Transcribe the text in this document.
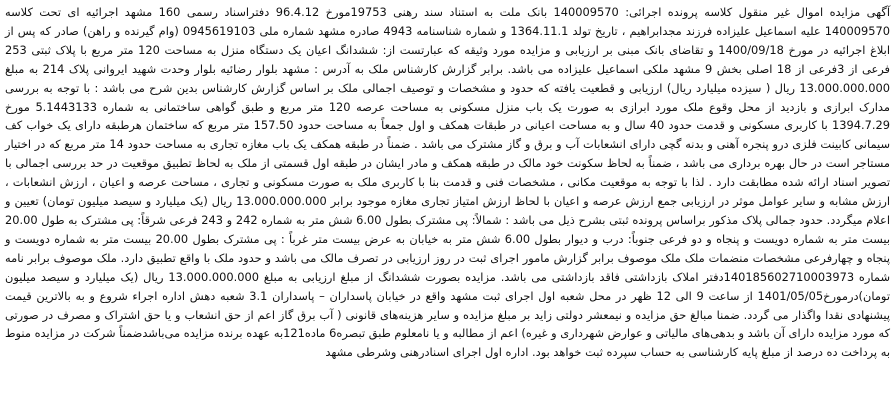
آگهی مزایده اموال غیر منقول کلاسه پرونده اجرائی: 140009570 بانک ملت به استناد سند رهنی 19753مورخ 96.4.12 دفتراسناد رسمی 160 مشهد اجرائیه ای تحت کلاسه 140009570 علیه اسماعیل علیزاده فرزند مجدابراهیم ، تاریخ تولد 1364.11.1 و شماره شناسنامه 4943 صادره مشهد شماره ملی 0945619103 (وام گیرنده و راهن) صادر که پس از ابلاغ اجرائیه در مورخ 1400/09/18 و تقاضای بانک مبنی بر ارزیابی و مزایده مورد وثیقه که عبارتست از: ششدانگ اعیان یک دستگاه منزل به مساحت 120 متر مربع با پلاک ثبتی 253 فرعی از 3فرعی از 18 اصلی بخش 9 مشهد ملکی اسماعیل علیزاده می باشد. برابر گزارش کارشناس ملک به آدرس : مشهد بلوار رضائیه بلوار وحدت شهید ایروانی پلاک 214 به مبلغ 13.000.000.000 ریال ( سیزده میلیارد ریال) ارزیابی و قطعیت یافته که حدود و مشخصات و توصیف اجمالی ملک بر اساس گزارش کارشناس بدین شرح می باشد : با توجه به بررسی مدارک ابرازی و بازدید از محل وقوع ملک مورد ابرازی به صورت یک باب منزل مسکونی به مساحت عرصه 120 متر مربع و طبق گواهی ساختمانی به شماره 5.1443133 مورخ 1394.7.29 با کاربری مسکونی و قدمت حدود 40 سال و به مساحت اعیانی در طبقات همکف و اول جمعاً به مساحت حدود 157.50 متر مربع که ساختمان هرطبقه دارای یک خواب کف سیمانی کابینت فلزی درو پنجره آهنی و بدنه گچی دارای انشعابات آب و برق و گاز مشترک می باشد . ضمناً در طبقه همکف یک باب مغازه تجاری به مساحت حدود 14 متر مربع که در اختیار مستاجر است در حال بهره برداری می باشد ، ضمناً به لحاظ سکونت خود مالک در طبقه همکف و مادر ایشان در طبقه اول قسمتی از ملک به لحاظ تطبیق موقعیت در حد بررسی اجمالی با تصویر اسناد ارائه شده مطابقت دارد . لذا با توجه به موقعیت مکانی ، مشخصات فنی و قدمت بنا با کاربری ملک به صورت مسکونی و تجاری ، مساحت عرصه و اعیان ، ارزش انشعابات ، ارزش مشابه و سایر عوامل موثر در ارزیابی جمع ارزش عرصه و اعیان با لحاظ ارزش امتیاز تجاری مغازه موجود برابر 13.000.000.000 ریال (یک میلیارد و سیصد میلیون تومان) تعیین و اعلام میگردد. حدود جمالی پلاک مذکور براساس پرونده ثبتی بشرح ذیل می باشد : شمالاً: پی مشترک بطول 6.00 شش متر به شماره 242 و 243 فرعی شرقاً: پی مشترک به طول 20.00 بیست متر به شماره دویست و پنجاه و دو فرعی جنوباً: درب و دیوار بطول 6.00 شش متر به خیابان به عرض بیست متر غرباً : پی مشترک بطول 20.00 بیست متر به شماره دویست و پنجاه و چهارفرعی مشخصات منضمات ملک ملک موصوف برابر گزارش مامور اجرای ثبت در روز ارزیابی در تصرف مالک می باشد و حدود ملک با واقع تطبیق دارد. ملک موصوف برابر نامه شماره 140185602710003973دفتر املاک بازداشتی فاقد بازداشتی می باشد. مزایده بصورت ششدانگ از مبلغ ارزیابی به مبلغ 13.000.000.000 ریال (یک میلیارد و سیصد میلیون تومان)درمورخ1401/05/05 از ساعت 9 الی 12 ظهر در محل شعبه اول اجرای ثبت مشهد واقع در خیابان پاسداران – پاسداران 3.1 شعبه دهش اداره اجراء شروع و به بالاترین قیمت پیشنهادی نقدا واگذار می گردد. ضمنا مبالغ حق مزایده و نیمعشر دولتی زاید بر مبلغ مزایده و سایر هزینه‌های قانونی ( آب برق گاز اعم از حق انشعاب و یا حق اشتراک و مصرف در صورتی که مورد مزایده دارای آن باشد و بدهی‌های مالیاتی و عوارض شهرداری و غیره) اعم از مطالبه و یا نامعلوم طبق تبصره6 ماده121به عهده برنده مزایده می‌باشدضمناً شرکت در مزایده منوط به پرداخت ده درصد از مبلغ پایه کارشناسی به حساب سپرده ثبت خواهد بود. اداره اول اجرای اسنادرهنی وشرطی مشهد
